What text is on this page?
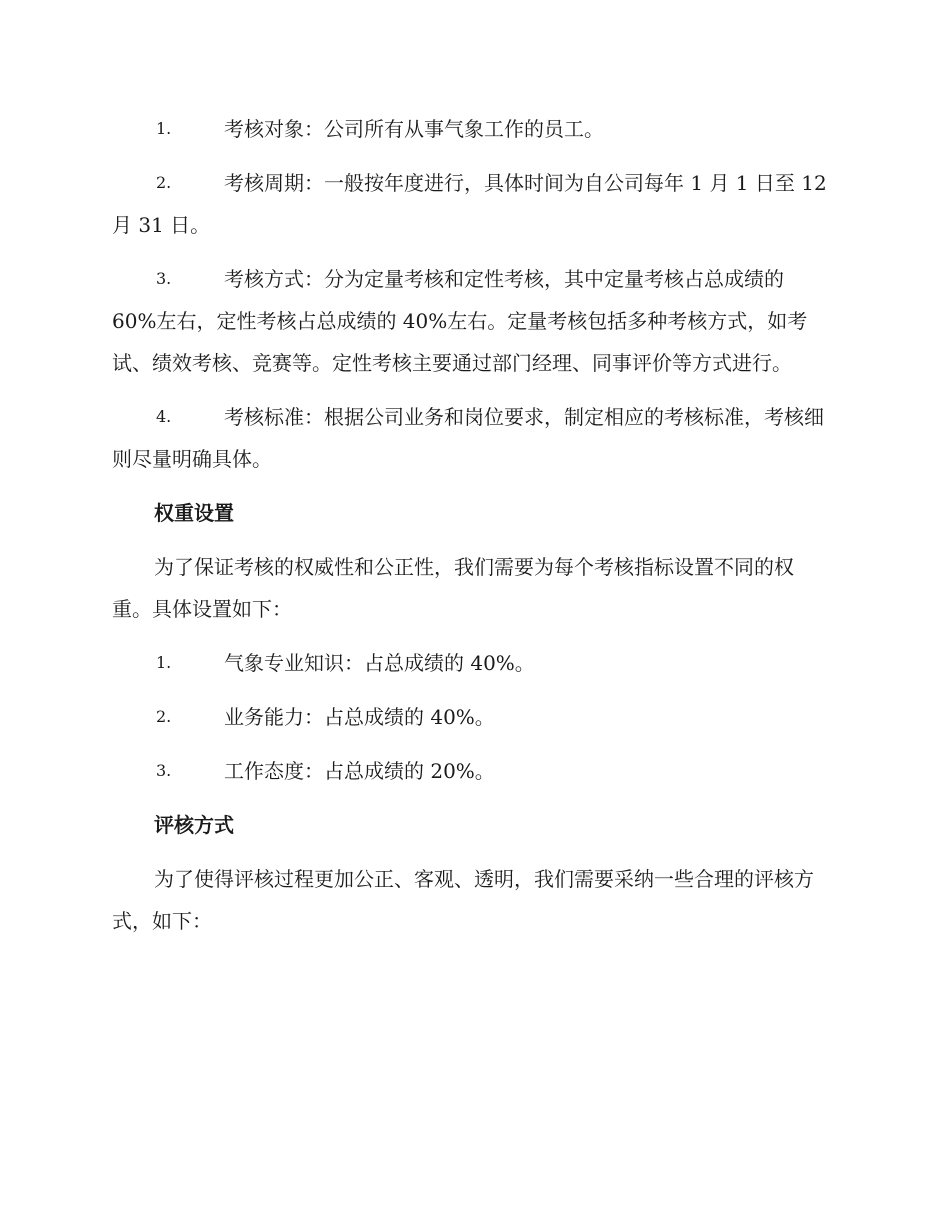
1.	考核对象：公司所有从事气象工作的员工。
2.	考核周期：一般按年度进行，具体时间为自公司每年 1 月 1 日至 12 月 31 日。
3.	考核方式：分为定量考核和定性考核，其中定量考核占总成绩的 60%左右，定性考核占总成绩的 40%左右。定量考核包括多种考核方式，如考试、绩效考核、竞赛等。定性考核主要通过部门经理、同事评价等方式进行。
4.	考核标准：根据公司业务和岗位要求，制定相应的考核标准，考核细则尽量明确具体。
权重设置
为了保证考核的权威性和公正性，我们需要为每个考核指标设置不同的权重。具体设置如下：
1.	气象专业知识：占总成绩的 40%。
2.	业务能力：占总成绩的 40%。
3.	工作态度：占总成绩的 20%。
评核方式
为了使得评核过程更加公正、客观、透明，我们需要采纳一些合理的评核方式，如下：
